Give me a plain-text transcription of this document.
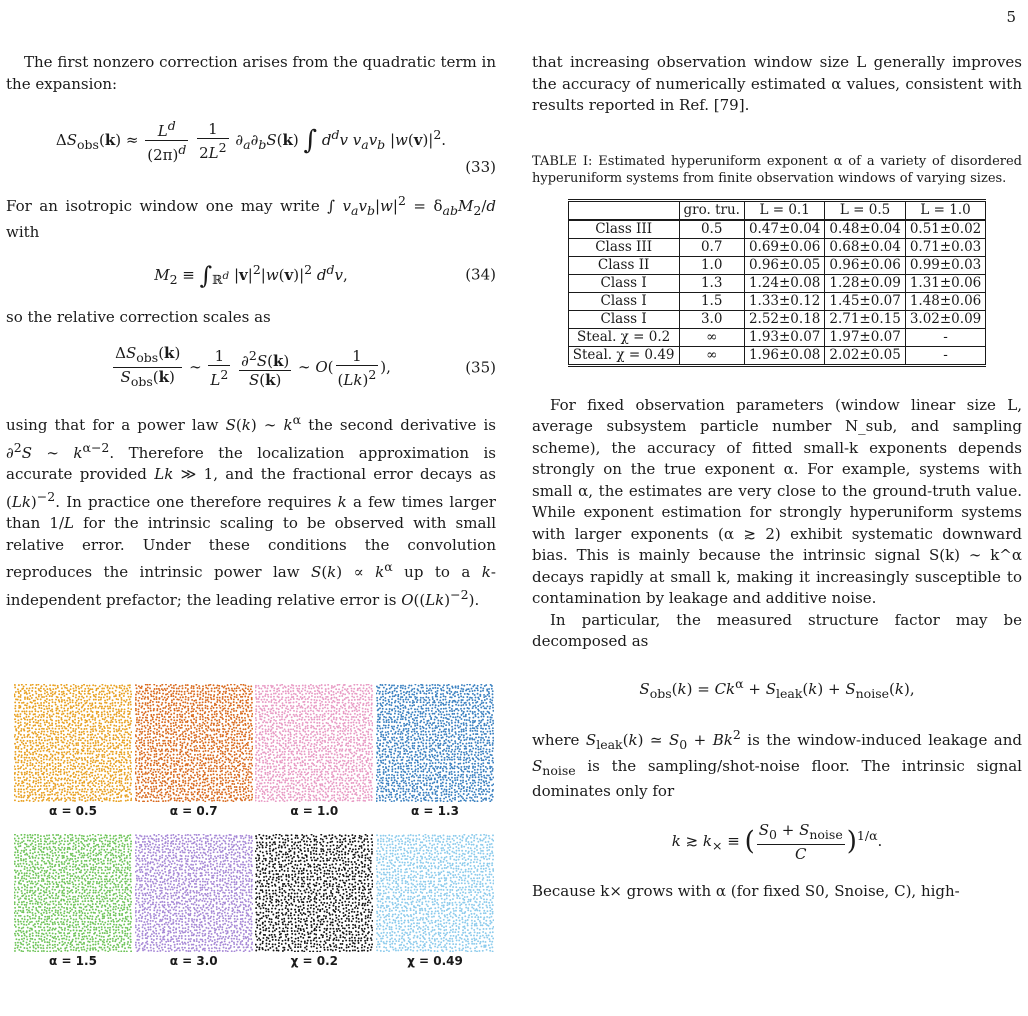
5

The first nonzero correction arises from the quadratic term in the expansion:

$\Delta S_{obs}(k) \approx \frac{L^d}{(2\pi)^d}$
$\frac{1}{2L^2} \partial_a\partial_bS(k)$ ∫ $d^dv$ $v_av_b$ $|w(v)|^2$.
(33)

For an isotropic window one may write ∫ $v_av_b|w|^2 = \delta_{ab}M_2/d$ with

$M_2 \equiv \int_{ℝ^d}$ $|v|^2|w(v)|^2$ $d^dv$,	(34)

so the relative correction scales as

$\frac{\Delta S_{obs}(k)}{S_{obs}(k)}$ ∼ $\frac{1}{L^2}$
$\frac{\partial^2S(k)}{S(k)}$ ∼ $O( \frac{1}{(Lk)^2}$ ),	(35)

using that for a power law S(k) ∼ $k^\alpha$ the second derivative is ∂$^2$S ∼ $k^{\alpha-2}$. Therefore the localization approximation is accurate provided Lk ≫ 1, and the fractional error decays as $(Lk)^{-2}$. In practice one therefore requires k a few times larger than 1/L for the intrinsic scaling to be observed with small relative error. Under these conditions the convolution reproduces the intrinsic power law $S(k) \propto k^\alpha$ up to a k-independent prefactor; the leading relative error is $O((Lk)^{-2})$.

α = 0.5	α = 0.7	α = 1.0	α = 1.3
α = 1.5	α = 3.0	χ = 0.2	χ = 0.49

that increasing observation window size L generally improves the accuracy of numerically estimated α values, consistent with results reported in Ref. [79].

TABLE I: Estimated hyperuniform exponent α of a variety of disordered hyperuniform systems from finite observation windows of varying sizes.

	gro. tru.	L = 0.1	L = 0.5	L = 1.0
Class III	0.5	0.47±0.04	0.48±0.04	0.51±0.02
Class III	0.7	0.69±0.06	0.68±0.04	0.71±0.03
Class II	1.0	0.96±0.05	0.96±0.06	0.99±0.03
Class I	1.3	1.24±0.08	1.28±0.09	1.31±0.06
Class I	1.5	1.33±0.12	1.45±0.07	1.48±0.06
Class I	3.0	2.52±0.18	2.71±0.15	3.02±0.09
Steal. χ = 0.2	∞	1.93±0.07	1.97±0.07	-
Steal. χ = 0.49	∞	1.96±0.08	2.02±0.05	-

For fixed observation parameters (window linear size L, average subsystem particle number N_sub, and sampling scheme), the accuracy of fitted small-k exponents depends strongly on the true exponent α. For example, systems with small α, the estimates are very close to the ground-truth value. While exponent estimation for strongly hyperuniform systems with larger exponents (α ≳ 2) exhibit systematic downward bias. This is mainly because the intrinsic signal S(k) ∼ k^α decays rapidly at small k, making it increasingly susceptible to contamination by leakage and additive noise.

In particular, the measured structure factor may be decomposed as

$S_{obs}(k) = Ck^\alpha + S_{leak}(k) + S_{noise}(k)$,

where $S_{leak}(k)$ ≃ $S_0 + Bk^2$ is the window-induced leakage and $S_{noise}$ is the sampling/shot-noise floor. The intrinsic signal dominates only for

k ≳ $k_\times$ ≡ ( $\frac{S_0 + S_{noise}}{C} )^{1/\alpha}$.

Because k× grows with α (for fixed S0, Snoise, C), high-
